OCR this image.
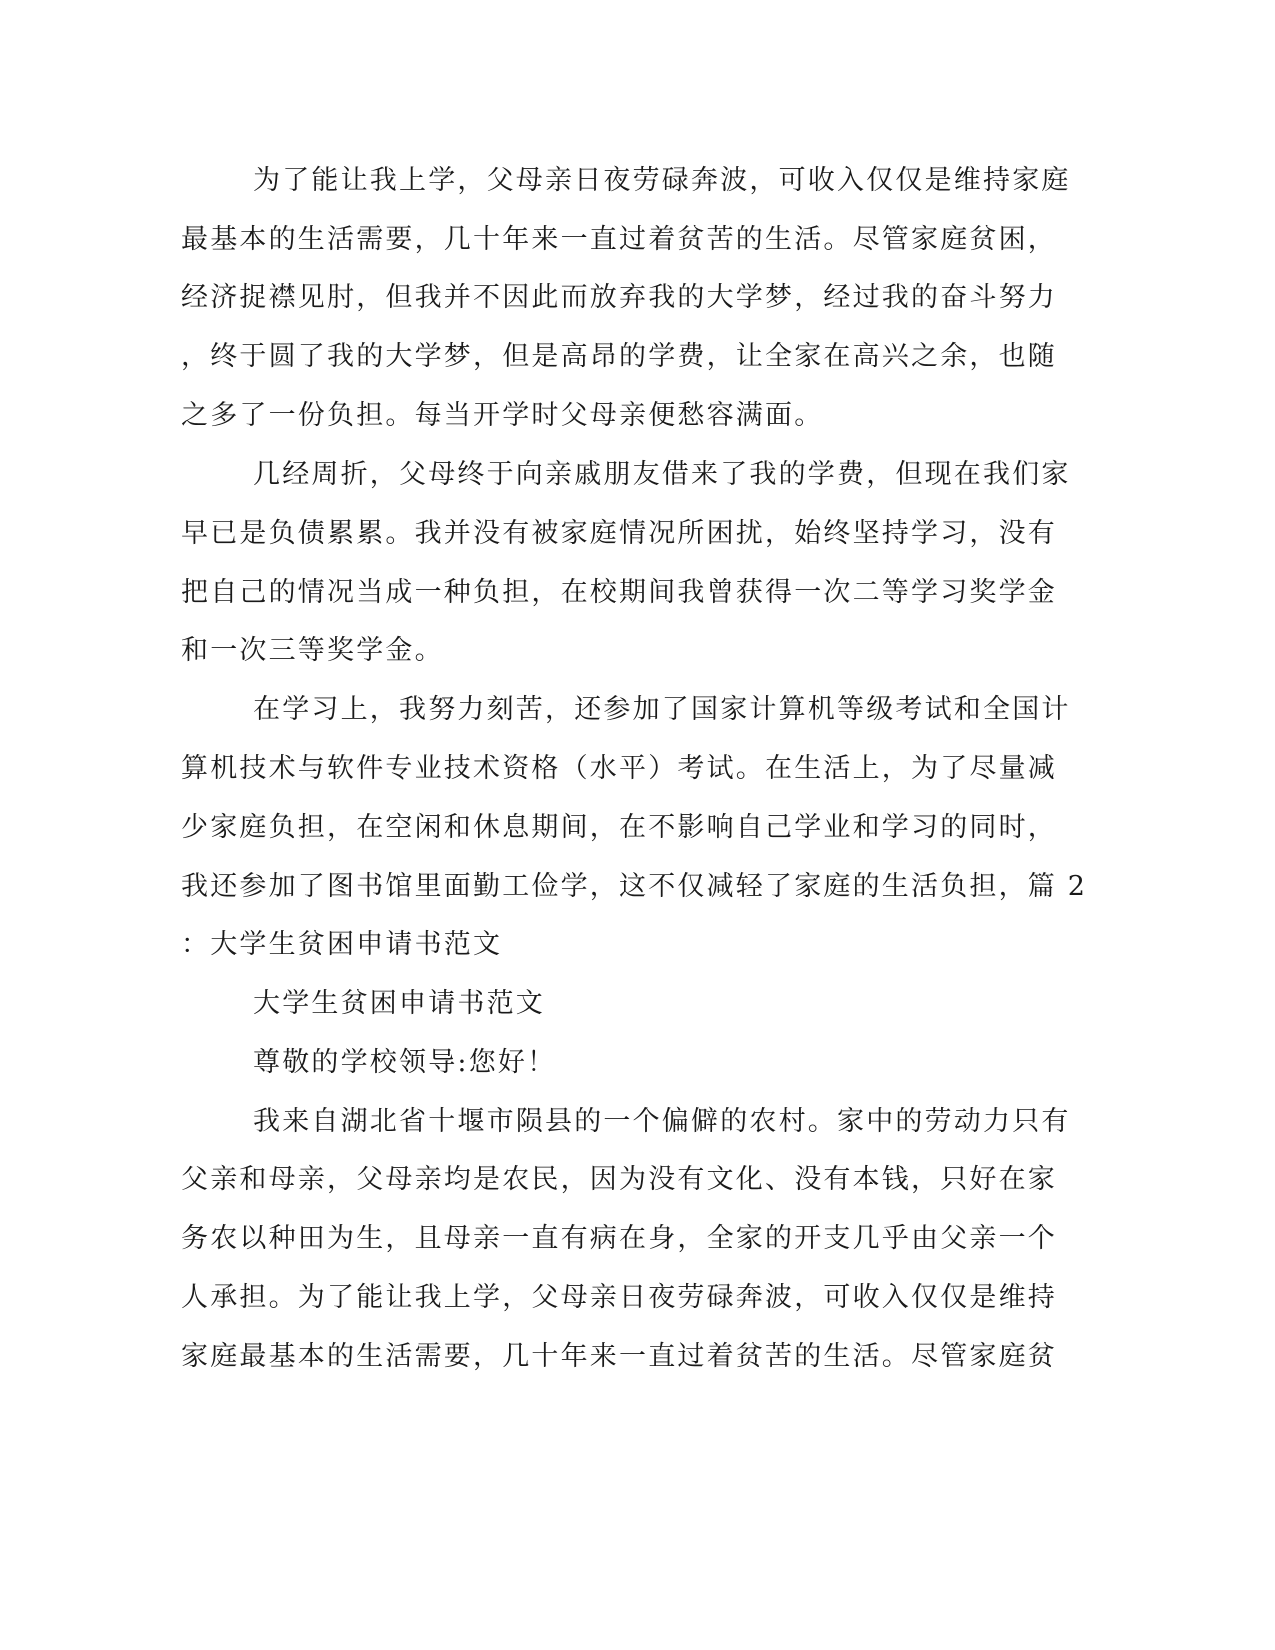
为了能让我上学，父母亲日夜劳碌奔波，可收入仅仅是维持家庭
最基本的生活需要，几十年来一直过着贫苦的生活。尽管家庭贫困，
经济捉襟见肘，但我并不因此而放弃我的大学梦，经过我的奋斗努力
，终于圆了我的大学梦，但是高昂的学费，让全家在高兴之余，也随
之多了一份负担。每当开学时父母亲便愁容满面。
几经周折，父母终于向亲戚朋友借来了我的学费，但现在我们家
早已是负债累累。我并没有被家庭情况所困扰，始终坚持学习，没有
把自己的情况当成一种负担，在校期间我曾获得一次二等学习奖学金
和一次三等奖学金。
在学习上，我努力刻苦，还参加了国家计算机等级考试和全国计
算机技术与软件专业技术资格（水平）考试。在生活上，为了尽量减
少家庭负担，在空闲和休息期间，在不影响自己学业和学习的同时，
我还参加了图书馆里面勤工俭学，这不仅减轻了家庭的生活负担，篇 2
：大学生贫困申请书范文
大学生贫困申请书范文
尊敬的学校领导:您好！
我来自湖北省十堰市陨县的一个偏僻的农村。家中的劳动力只有
父亲和母亲，父母亲均是农民，因为没有文化、没有本钱，只好在家
务农以种田为生，且母亲一直有病在身，全家的开支几乎由父亲一个
人承担。为了能让我上学，父母亲日夜劳碌奔波，可收入仅仅是维持
家庭最基本的生活需要，几十年来一直过着贫苦的生活。尽管家庭贫
